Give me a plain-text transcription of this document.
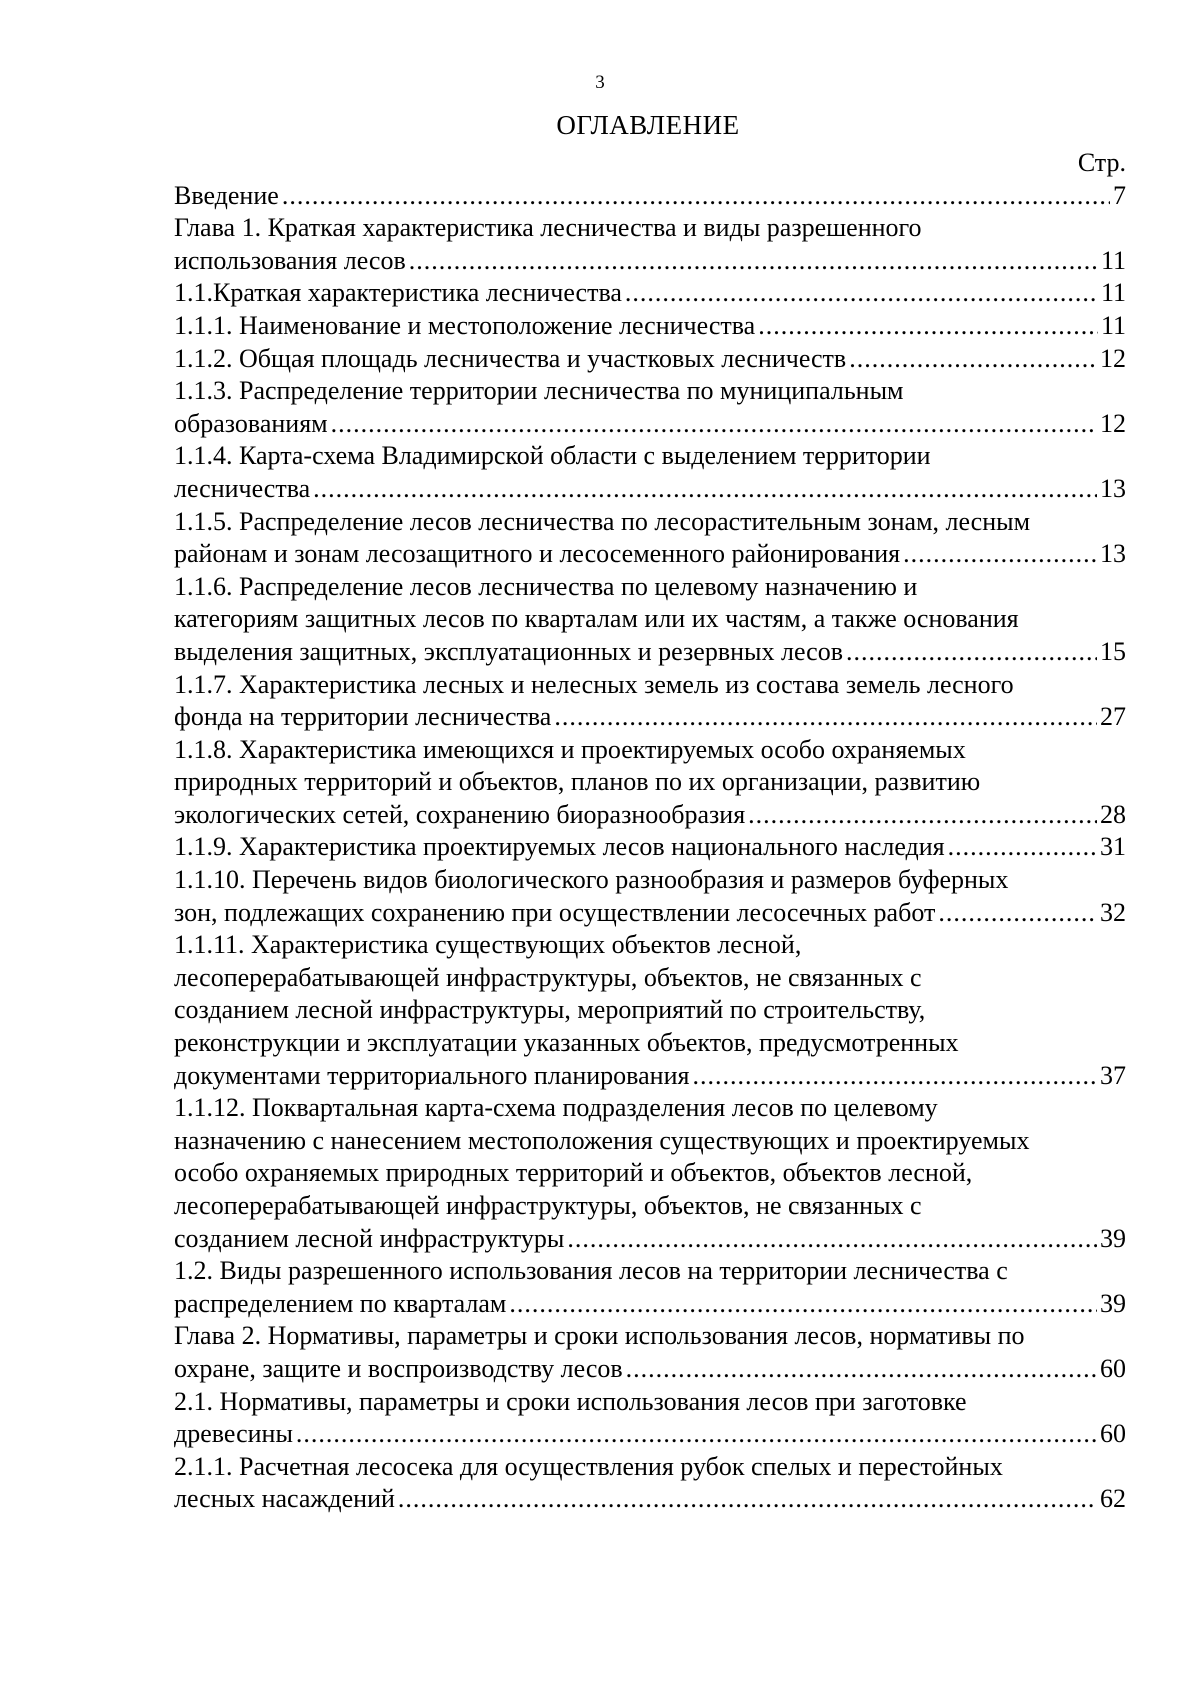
3
ОГЛАВЛЕНИЕ
Стр.
Введение .....	7
Глава 1. Краткая характеристика лесничества и виды разрешенного
использования лесов .....	11
1.1. Краткая характеристика лесничества .....	11
1.1.1. Наименование и местоположение лесничества .....	11
1.1.2. Общая площадь лесничества и участковых лесничеств .....	12
1.1.3. Распределение территории лесничества по муниципальным
образованиям .....	12
1.1.4. Карта-схема Владимирской области с выделением территории
лесничества .....	13
1.1.5. Распределение лесов лесничества по лесорастительным зонам, лесным
районам и зонам лесозащитного и лесосеменного районирования .....	13
1.1.6. Распределение лесов лесничества по целевому назначению и
категориям защитных лесов по кварталам или их частям, а также основания
выделения защитных, эксплуатационных и резервных лесов .....	15
1.1.7. Характеристика лесных и нелесных земель из состава земель лесного
фонда на территории лесничества .....	27
1.1.8. Характеристика имеющихся и проектируемых особо охраняемых
природных территорий и объектов, планов по их организации, развитию
экологических сетей, сохранению биоразнообразия .....	28
1.1.9. Характеристика проектируемых лесов национального наследия .....	31
1.1.10. Перечень видов биологического разнообразия и размеров буферных
зон, подлежащих сохранению при осуществлении лесосечных работ .....	32
1.1.11. Характеристика существующих объектов лесной,
лесоперерабатывающей инфраструктуры, объектов, не связанных с
созданием лесной инфраструктуры, мероприятий по строительству,
реконструкции и эксплуатации указанных объектов, предусмотренных
документами территориального планирования .....	37
1.1.12. Поквартальная карта-схема подразделения лесов по целевому
назначению с нанесением местоположения существующих и проектируемых
особо охраняемых природных территорий и объектов, объектов лесной,
лесоперерабатывающей инфраструктуры, объектов, не связанных с
созданием лесной инфраструктуры .....	39
1.2. Виды разрешенного использования лесов на территории лесничества с
распределением по кварталам .....	39
Глава 2. Нормативы, параметры и сроки использования лесов, нормативы по
охране, защите и воспроизводству лесов .....	60
2.1. Нормативы, параметры и сроки использования лесов при заготовке
древесины .....	60
2.1.1. Расчетная лесосека для осуществления рубок спелых и перестойных
лесных насаждений .....	62
